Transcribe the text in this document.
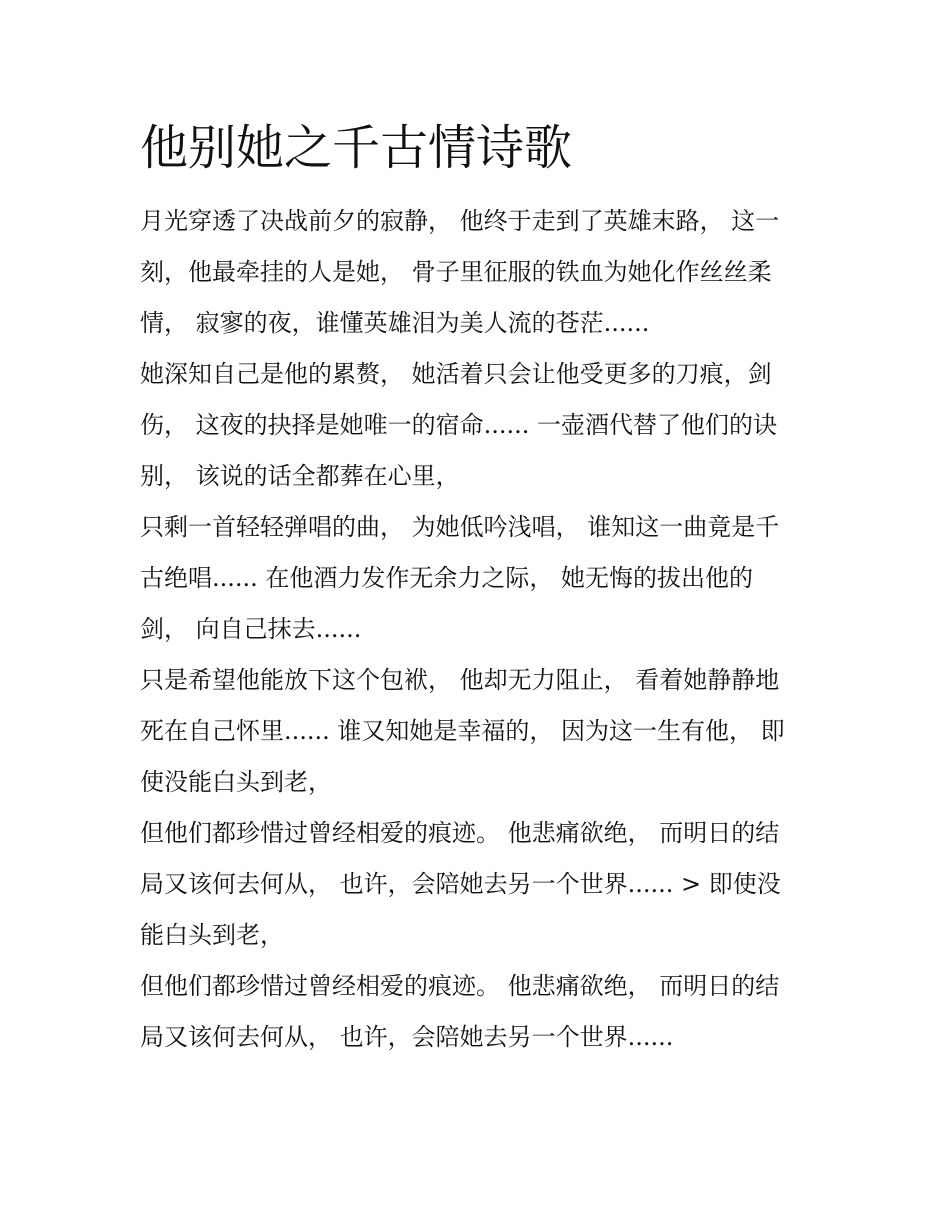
他别她之千古情诗歌

月光穿透了决战前夕的寂静， 他终于走到了英雄末路， 这一
刻，他最牵挂的人是她， 骨子里征服的铁血为她化作丝丝柔
情， 寂寥的夜，谁懂英雄泪为美人流的苍茫......

她深知自己是他的累赘， 她活着只会让他受更多的刀痕，剑
伤， 这夜的抉择是她唯一的宿命...... 一壶酒代替了他们的诀
别， 该说的话全都葬在心里，

只剩一首轻轻弹唱的曲， 为她低吟浅唱， 谁知这一曲竟是千
古绝唱...... 在他酒力发作无余力之际， 她无悔的拔出他的
剑， 向自己抹去......

只是希望他能放下这个包袱， 他却无力阻止， 看着她静静地
死在自己怀里...... 谁又知她是幸福的， 因为这一生有他， 即
使没能白头到老，

但他们都珍惜过曾经相爱的痕迹。 他悲痛欲绝， 而明日的结
局又该何去何从， 也许，会陪她去另一个世界...... > 即使没
能白头到老，

但他们都珍惜过曾经相爱的痕迹。 他悲痛欲绝， 而明日的结
局又该何去何从， 也许，会陪她去另一个世界......
